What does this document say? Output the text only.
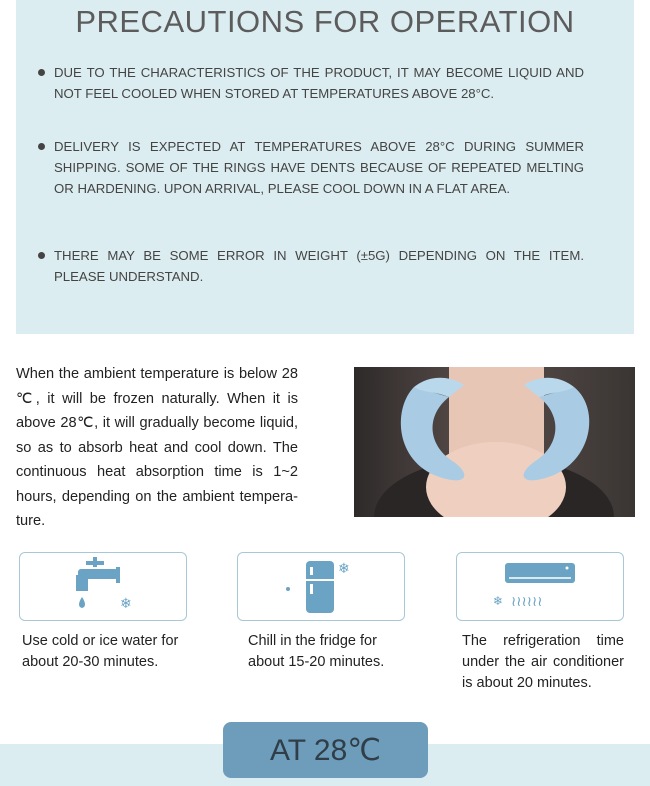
PRECAUTIONS FOR OPERATION
DUE TO THE CHARACTERISTICS OF THE PRODUCT, IT MAY BECOME LIQUID AND NOT FEEL COOLED WHEN STORED AT TEMPERATURES ABOVE 28°C.
DELIVERY IS EXPECTED AT TEMPERATURES ABOVE 28°C DURING SUMMER SHIPPING. SOME OF THE RINGS HAVE DENTS BECAUSE OF REPEATED MELTING OR HARDENING. UPON ARRIVAL, PLEASE COOL DOWN IN A FLAT AREA.
THERE MAY BE SOME ERROR IN WEIGHT (±5G) DEPENDING ON THE ITEM. PLEASE UNDERSTAND.
When the ambient temperature is below 28 ℃, it will be frozen naturally. When it is above 28℃, it will gradually become liquid, so as to absorb heat and cool down. The continuous heat absorption time is 1~2 hours, depending on the ambient tempera-ture.
❄
❄
❄ ≀≀≀≀≀≀
Use cold or ice water for about 20-30 minutes.
Chill in the fridge for about 15-20 minutes.
The refrigeration time under the air conditioner is about 20 minutes.
AT 28℃
